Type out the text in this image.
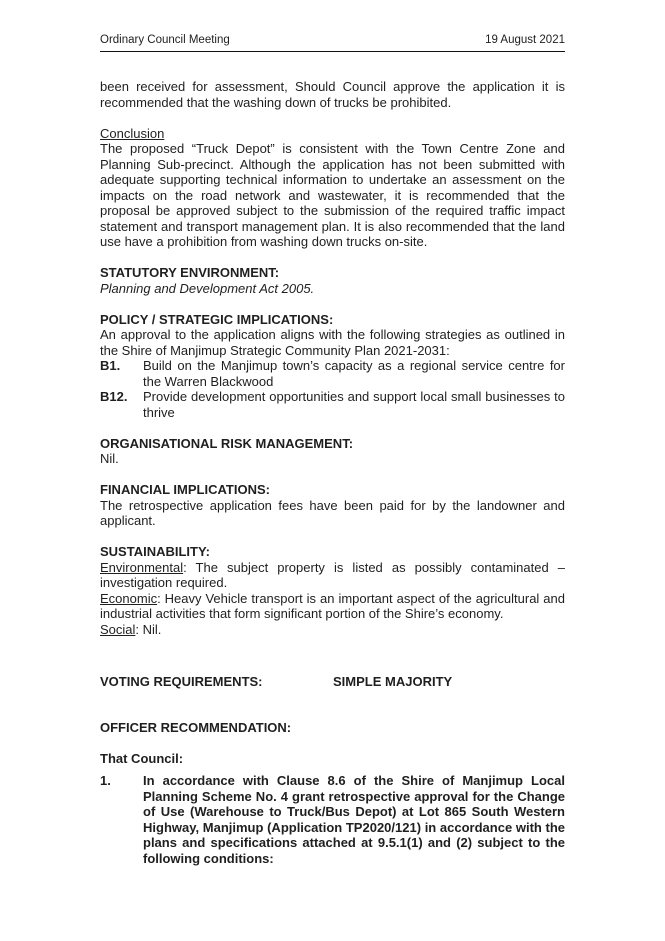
Ordinary Council Meeting	19 August 2021

been received for assessment, Should Council approve the application it is recommended that the washing down of trucks be prohibited.

Conclusion

The proposed “Truck Depot” is consistent with the Town Centre Zone and Planning Sub-precinct. Although the application has not been submitted with adequate supporting technical information to undertake an assessment on the impacts on the road network and wastewater, it is recommended that the proposal be approved subject to the submission of the required traffic impact statement and transport management plan. It is also recommended that the land use have a prohibition from washing down trucks on-site.

STATUTORY ENVIRONMENT:

Planning and Development Act 2005.

POLICY / STRATEGIC IMPLICATIONS:

An approval to the application aligns with the following strategies as outlined in the Shire of Manjimup Strategic Community Plan 2021-2031:

B1.	Build on the Manjimup town’s capacity as a regional service centre for the Warren Blackwood
B12.	Provide development opportunities and support local small businesses to thrive

ORGANISATIONAL RISK MANAGEMENT:

Nil.

FINANCIAL IMPLICATIONS:

The retrospective application fees have been paid for by the landowner and applicant.

SUSTAINABILITY:

Environmental: The subject property is listed as possibly contaminated – investigation required.

Economic: Heavy Vehicle transport is an important aspect of the agricultural and industrial activities that form significant portion of the Shire’s economy.

Social: Nil.

VOTING REQUIREMENTS:	SIMPLE MAJORITY

OFFICER RECOMMENDATION:

That Council:

1.	In accordance with Clause 8.6 of the Shire of Manjimup Local Planning Scheme No. 4 grant retrospective approval for the Change of Use (Warehouse to Truck/Bus Depot) at Lot 865 South Western Highway, Manjimup (Application TP2020/121) in accordance with the plans and specifications attached at 9.5.1(1) and (2) subject to the following conditions:
